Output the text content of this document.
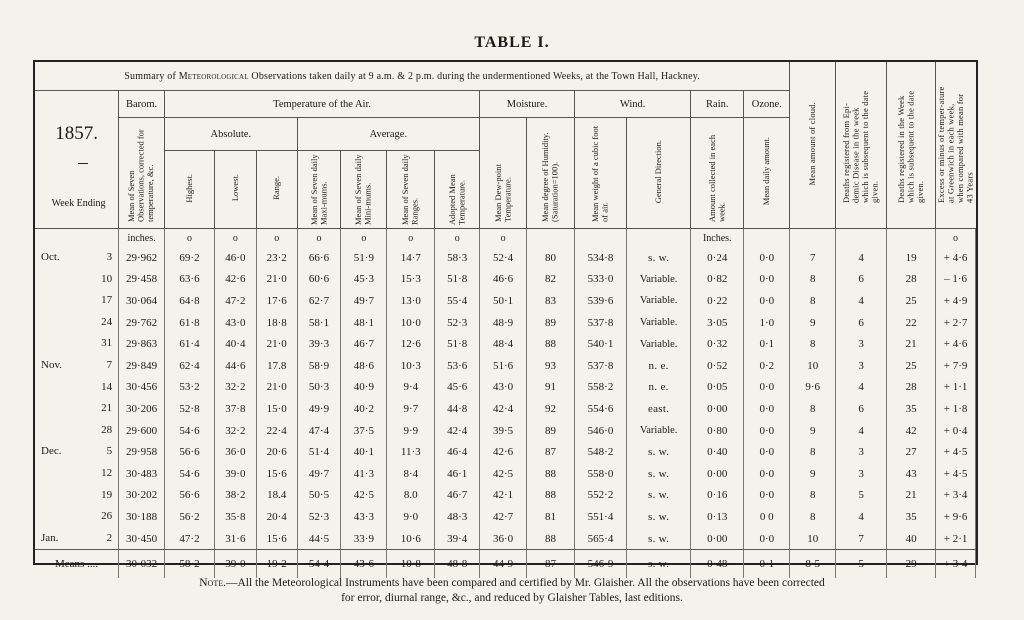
TABLE I.
Summary of Meteorological Observations taken daily at 9 a.m. & 2 p.m. during the undermentioned Weeks, at the Town Hall, Hackney.															Mean amount of cloud.	Deaths registered from Epi-demic Disease in the week which is subsequent to the date given.	Deaths registered in the Week which is subsequent to the date given.	Excess or minus of temper-ature at Greenwich in each week, when compared with mean for 43 Years

1857.
Week Ending	Barom.	Temperature of the Air.							Moisture.		Wind.		Rain.	Ozone.				
	Mean of Seven Observations, corrected for temperature, &c.	Absolute.			Average.				Mean Dew-point Temperature.	Mean degree of Humidity. (Saturation=100).	Mean weight of a cubic foot of air.	General Direction.	Amount collected in each week.	Mean daily amount.				
		Highest.	Lowest.	Range.	Mean of Seven daily Maxi-mums.	Mean of Seven daily Mini-mums.	Mean of Seven daily Ranges.	Adopted Mean Temperature.										
	inches.	o	o	o	o	o	o	o	o				Inches.					o

Oct. 3	29·962	69·2	46·0	23·2	66·6	51·9	14·7	58·3	52·4	80	534·8	s. w.	0·24	0·0	7	4	19	+ 4·6

10	29·458	63·6	42·6	21·0	60·6	45·3	15·3	51·8	46·6	82	533·0	Variable.	0·82	0·0	8	6	28	– 1·6

17	30·064	64·8	47·2	17·6	62·7	49·7	13·0	55·4	50·1	83	539·6	Variable.	0·22	0·0	8	4	25	+ 4·9

24	29·762	61·8	43·0	18·8	58·1	48·1	10·0	52·3	48·9	89	537·8	Variable.	3·05	1·0	9	6	22	+ 2·7

31	29·863	61·4	40·4	21·0	39·3	46·7	12·6	51·8	48·4	88	540·1	Variable.	0·32	0·1	8	3	21	+ 4·6

Nov. 7	29·849	62·4	44·6	17.8	58·9	48·6	10·3	53·6	51·6	93	537·8	n. e.	0·52	0·2	10	3	25	+ 7·9

14	30·456	53·2	32·2	21·0	50·3	40·9	9·4	45·6	43·0	91	558·2	n. e.	0·05	0·0	9·6	4	28	+ 1·1

21	30·206	52·8	37·8	15·0	49·9	40·2	9·7	44·8	42·4	92	554·6	east.	0·00	0·0	8	6	35	+ 1·8

28	29·600	54·6	32·2	22·4	47·4	37·5	9·9	42·4	39·5	89	546·0	Variable.	0·80	0·0	9	4	42	+ 0·4

Dec. 5	29·958	56·6	36·0	20·6	51·4	40·1	11·3	46·4	42·6	87	548·2	s. w.	0·40	0·0	8	3	27	+ 4·5

12	30·483	54·6	39·0	15·6	49·7	41·3	8·4	46·1	42·5	88	558·0	s. w.	0·00	0·0	9	3	43	+ 4·5

19	30·202	56·6	38·2	18.4	50·5	42·5	8.0	46·7	42·1	88	552·2	s. w.	0·16	0·0	8	5	21	+ 3·4

26	30·188	56·2	35·8	20·4	52·3	43·3	9·0	48·3	42·7	81	551·4	s. w.	0·13	0 0	8	4	35	+ 9·6

Jan. 2	30·450	47·2	31·6	15·6	44·5	33·9	10·6	39·4	36·0	88	565·4	s. w.	0·00	0·0	10	7	40	+ 2·1
Means ....	30·032	58·2	39·0	19·2	54·4	43·6	10·8	48·8	44·9	87	546·9	s. w.	0·48	0·1	8·5	5	29	+ 3·4
Note.—All the Meteorological Instruments have been compared and certified by Mr. Glaisher. All the observations have been corrected
for error, diurnal range, &c., and reduced by Glaisher Tables, last editions.
